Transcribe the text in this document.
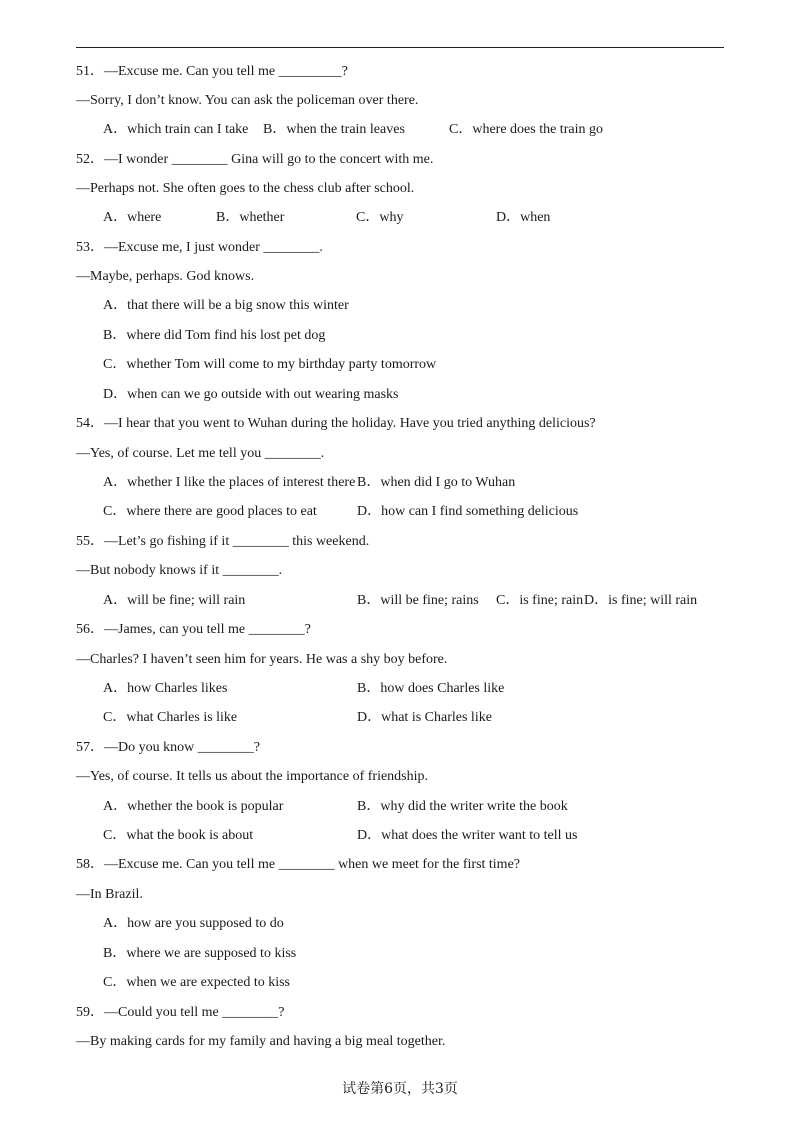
51．—Excuse me. Can you tell me _________?
—Sorry, I don’t know. You can ask the policeman over there.
A．which train can I take B．when the train leaves	C．where does the train go
52．—I wonder ________ Gina will go to the concert with me.
—Perhaps not. She often goes to the chess club after school.
A．where	B．whether	C．why	D．when
53．—Excuse me, I just wonder ________.
—Maybe, perhaps. God knows.
A．that there will be a big snow this winter
B．where did Tom find his lost pet dog
C．whether Tom will come to my birthday party tomorrow
D．when can we go outside with out wearing masks
54．—I hear that you went to Wuhan during the holiday. Have you tried anything delicious?
—Yes, of course. Let me tell you ________.
A．whether I like the places of interest there B．when did I go to Wuhan
C．where there are good places to eat	D．how can I find something delicious
55．—Let’s go fishing if it ________ this weekend.
—But nobody knows if it ________.
A．will be fine; will rain	B．will be fine; rains C．is fine; rain D．is fine; will rain
56．—James, can you tell me ________?
—Charles? I haven’t seen him for years. He was a shy boy before.
A．how Charles likes	B．how does Charles like
C．what Charles is like	D．what is Charles like
57．—Do you know ________?
—Yes, of course. It tells us about the importance of friendship.
A．whether the book is popular	B．why did the writer write the book
C．what the book is about	D．what does the writer want to tell us
58．—Excuse me. Can you tell me ________ when we meet for the first time?
—In Brazil.
A．how are you supposed to do
B．where we are supposed to kiss
C．when we are expected to kiss
59．—Could you tell me ________?
—By making cards for my family and having a big meal together.
试卷第6页，共3页
